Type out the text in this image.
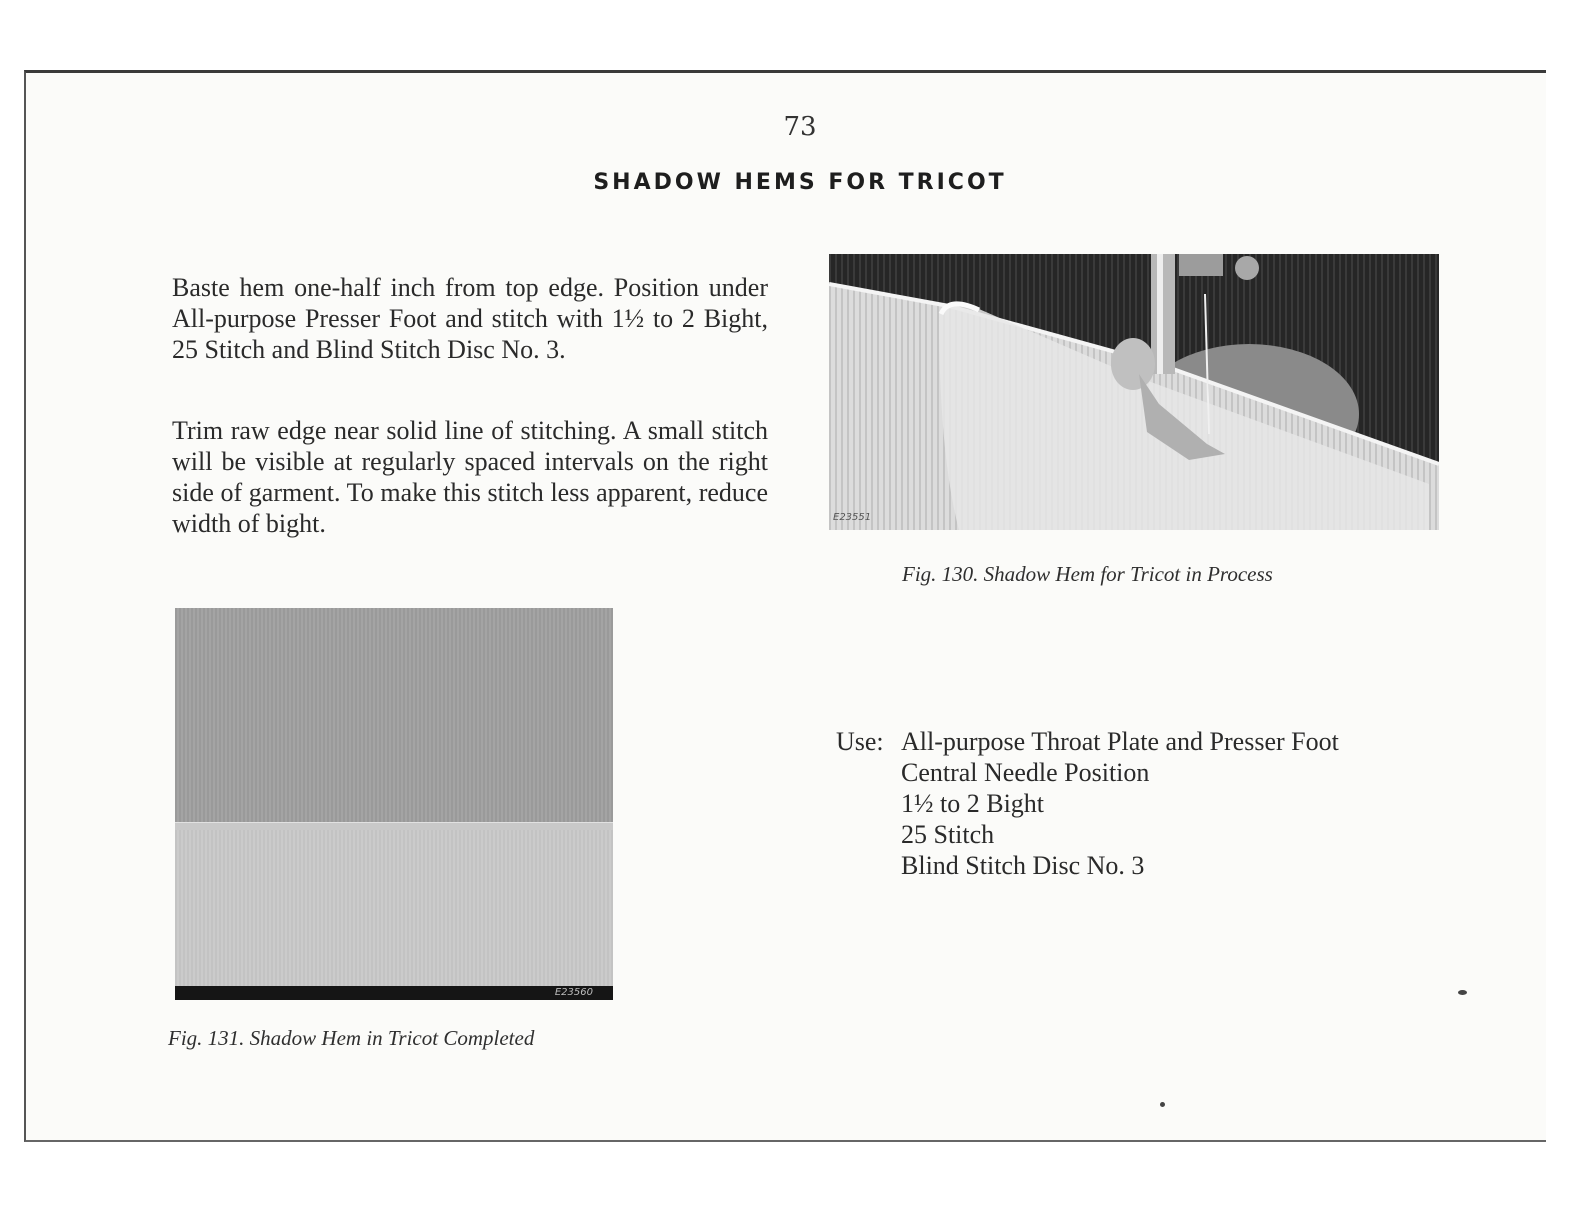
73
SHADOW HEMS FOR TRICOT

Baste hem one-half inch from top edge. Position under All-purpose Presser Foot and stitch with 1½ to 2 Bight, 25 Stitch and Blind Stitch Disc No. 3.

Trim raw edge near solid line of stitching. A small stitch will be visible at regularly spaced intervals on the right side of garment. To make this stitch less apparent, reduce width of bight.	E23551
Fig. 130. Shadow Hem for Tricot in Process
E23560
Fig. 131. Shadow Hem in Tricot Completed
Use: All-purpose Throat Plate and Presser Foot
Central Needle Position
1½ to 2 Bight
25 Stitch
Blind Stitch Disc No. 3
